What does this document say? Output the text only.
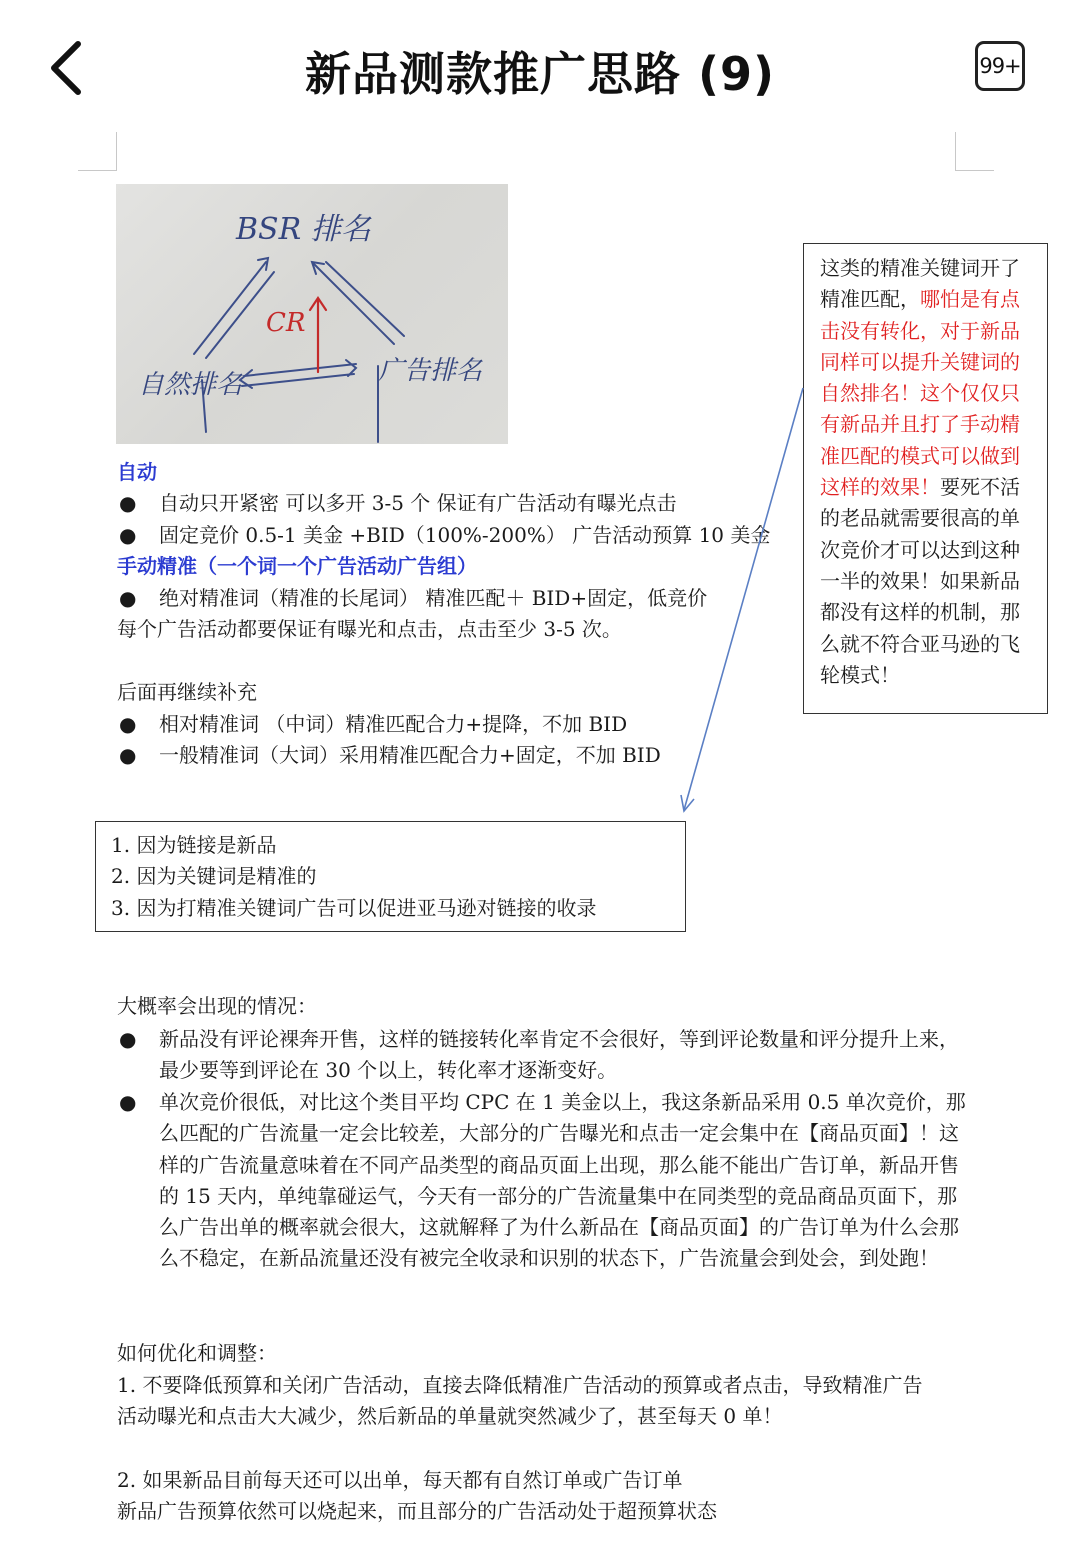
新品测款推广思路 (9)	99+
BSR 排名
CR
自然排名	广告排名
自动
● 自动只开紧密 可以多开 3-5 个 保证有广告活动有曝光点击
● 固定竞价 0.5-1 美金 +BID（100%-200%） 广告活动预算 10 美金
手动精准（一个词一个广告活动广告组）
● 绝对精准词（精准的长尾词） 精准匹配＋ BID+固定，低竞价
每个广告活动都要保证有曝光和点击，点击至少 3-5 次。
后面再继续补充
● 相对精准词 （中词）精准匹配合力+提降，不加 BID
● 一般精准词（大词）采用精准匹配合力+固定，不加 BID
这类的精准关键词开了精准匹配，哪怕是有点击没有转化，对于新品同样可以提升关键词的自然排名！这个仅仅只有新品并且打了手动精准匹配的模式可以做到这样的效果！要死不活的老品就需要很高的单次竞价才可以达到这种一半的效果！如果新品都没有这样的机制，那么就不符合亚马逊的飞轮模式！
1. 因为链接是新品
2. 因为关键词是精准的
3. 因为打精准关键词广告可以促进亚马逊对链接的收录
大概率会出现的情况：
● 新品没有评论裸奔开售，这样的链接转化率肯定不会很好，等到评论数量和评分提升上来，最少要等到评论在 30 个以上，转化率才逐渐变好。
● 单次竞价很低，对比这个类目平均 CPC 在 1 美金以上，我这条新品采用 0.5 单次竞价，那么匹配的广告流量一定会比较差，大部分的广告曝光和点击一定会集中在【商品页面】！这样的广告流量意味着在不同产品类型的商品页面上出现，那么能不能出广告订单，新品开售的 15 天内，单纯靠碰运气，今天有一部分的广告流量集中在同类型的竞品商品页面下，那么广告出单的概率就会很大，这就解释了为什么新品在【商品页面】的广告订单为什么会那么不稳定，在新品流量还没有被完全收录和识别的状态下，广告流量会到处会，到处跑！
如何优化和调整：
1. 不要降低预算和关闭广告活动，直接去降低精准广告活动的预算或者点击，导致精准广告
活动曝光和点击大大减少，然后新品的单量就突然减少了，甚至每天 0 单！
2. 如果新品目前每天还可以出单，每天都有自然订单或广告订单
新品广告预算依然可以烧起来，而且部分的广告活动处于超预算状态
